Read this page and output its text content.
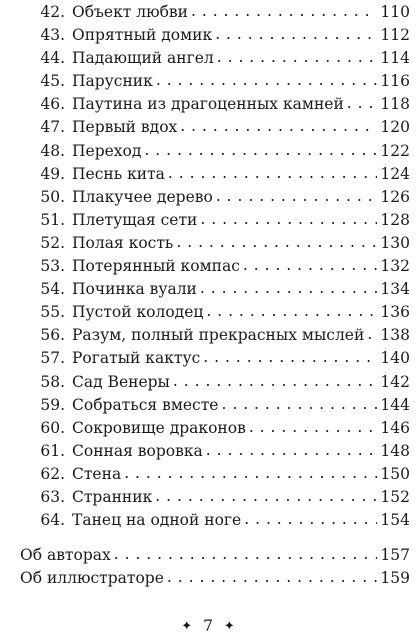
42. Объект любви . . .	110
43. Опрятный домик . . .	112
44. Падающий ангел . . .	114
45. Парусник . . .	116
46. Паутина из драгоценных камней . . . 118
47. Первый вдох . . .	120
48. Переход . . .	122
49. Песнь кита . . .	124
50. Плакучее дерево . . .	126
51. Плетущая сети . . .	128
52. Полая кость . . .	130
53. Потерянный компас . . .	132
54. Починка вуали . . .	134
55. Пустой колодец . . .	136
56. Разум, полный прекрасных мыслей . . . 138
57. Рогатый кактус . . .	140
58. Сад Венеры . . .	142
59. Собраться вместе . . .	144
60. Сокровище драконов . . .	146
61. Сонная воровка . . .	148
62. Стена . . .	150
63. Странник . . .	152
64. Танец на одной ноге . . .	154
Об авторах . . .	157
Об иллюстраторе . . .	159
✦ 7 ✦
